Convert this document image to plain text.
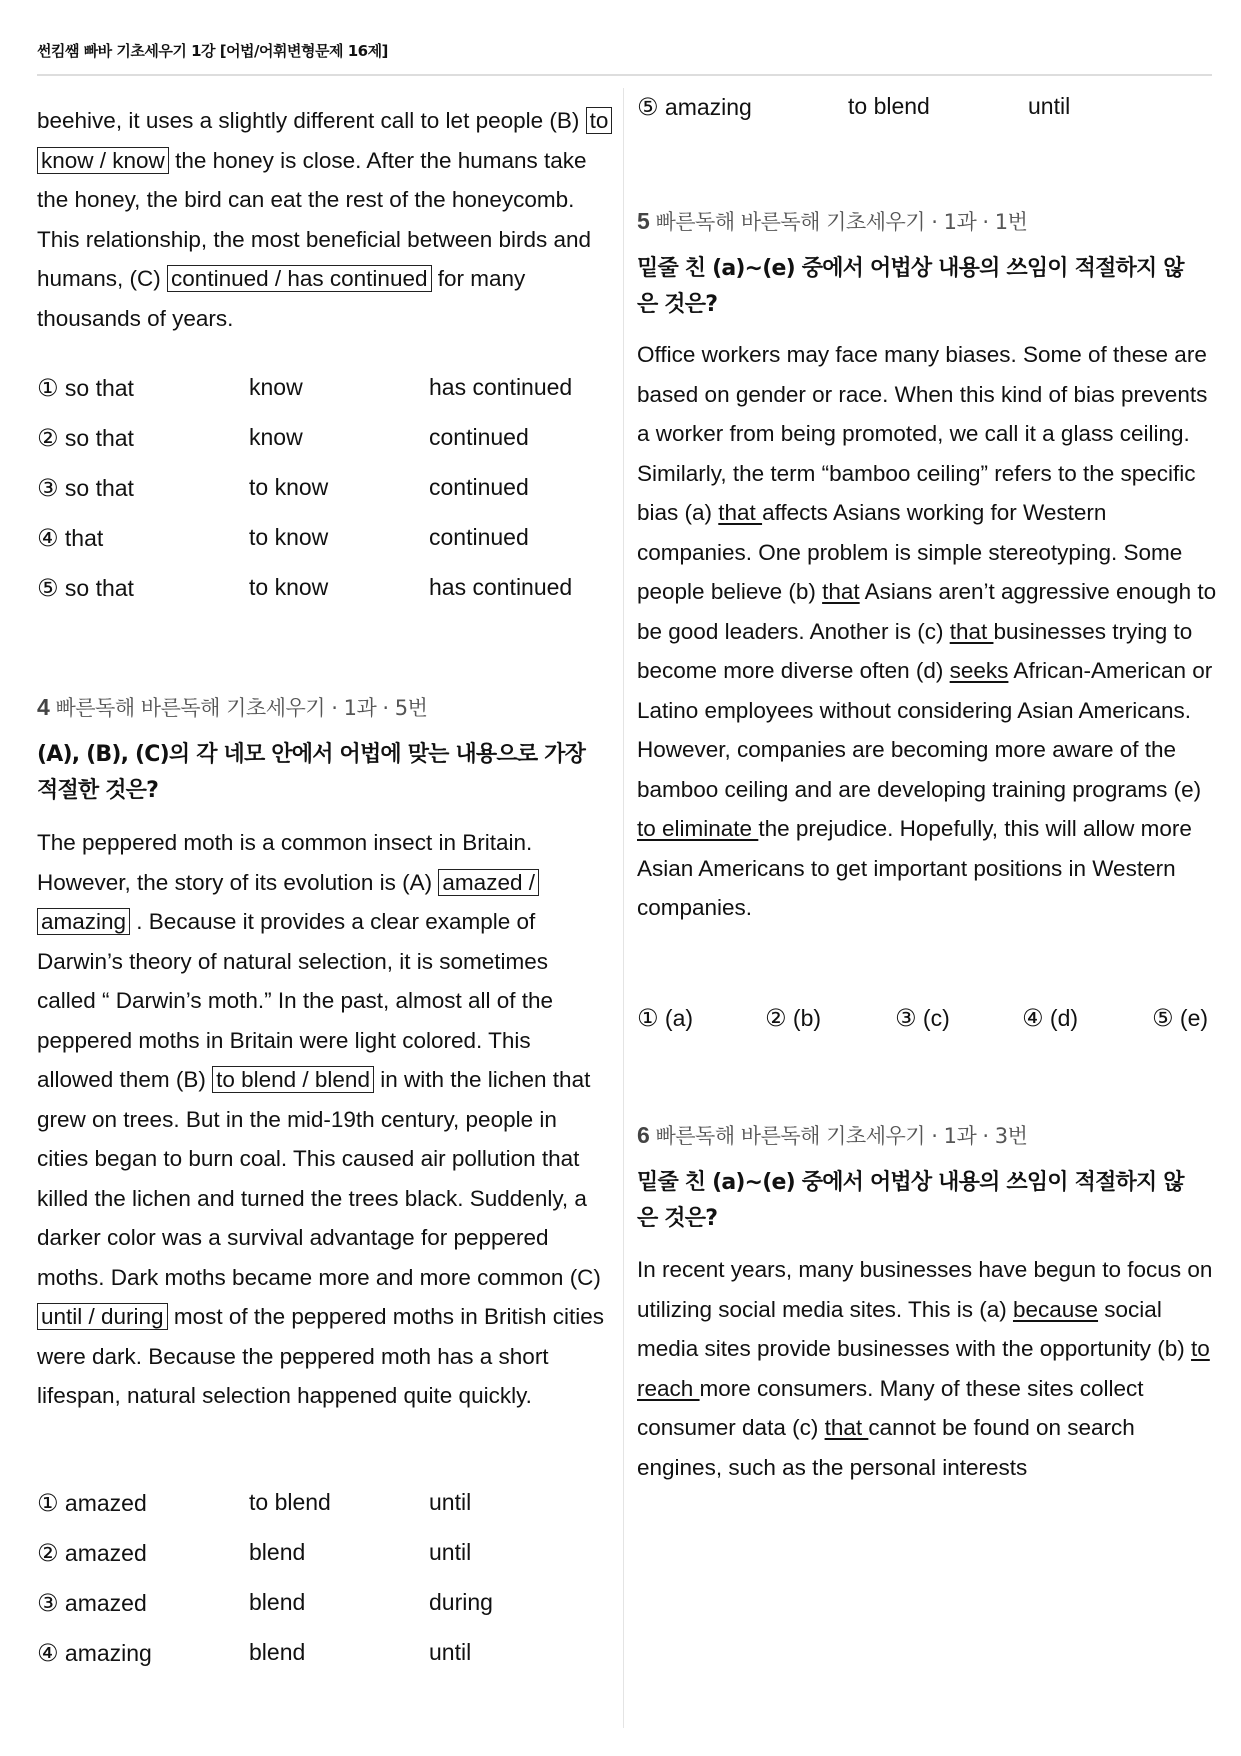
썬킴쌤 빠바 기초세우기 1강 [어법/어휘변형문제 16제]

beehive, it uses a slightly different call to let people (B) to know / know the honey is close. After the humans take the honey, the bird can eat the rest of the honeycomb. This relationship, the most beneficial between birds and humans, (C) continued / has continued for many thousands of years.

4 빠른독해 바른독해 기초세우기 · 1과 · 5번
(A), (B), (C)의 각 네모 안에서 어법에 맞는 내용으로 가장 적절한 것은?

The peppered moth is a common insect in Britain. However, the story of its evolution is (A) amazed / amazing . Because it provides a clear example of Darwin’s theory of natural selection, it is sometimes called “ Darwin’s moth.” In the past, almost all of the peppered moths in Britain were light colored. This allowed them (B) to blend / blend in with the lichen that grew on trees. But in the mid-19th century, people in cities began to burn coal. This caused air pollution that killed the lichen and turned the trees black. Suddenly, a darker color was a survival advantage for peppered moths. Dark moths became more and more common (C) until / during most of the peppered moths in British cities were dark. Because the peppered moth has a short lifespan, natural selection happened quite quickly.

5 빠른독해 바른독해 기초세우기 · 1과 · 1번
밑줄 친 (a)∼(e) 중에서 어법상 내용의 쓰임이 적절하지 않은 것은?

Office workers may face many biases. Some of these are based on gender or race. When this kind of bias prevents a worker from being promoted, we call it a glass ceiling. Similarly, the term “bamboo ceiling” refers to the specific bias (a) that affects Asians working for Western companies. One problem is simple stereotyping. Some people believe (b) that Asians aren’t aggressive enough to be good leaders. Another is (c) that businesses trying to become more diverse often (d) seeks African-American or Latino employees without considering Asian Americans. However, companies are becoming more aware of the bamboo ceiling and are developing training programs (e) to eliminate the prejudice. Hopefully, this will allow more Asian Americans to get important positions in Western companies.

6 빠른독해 바른독해 기초세우기 · 1과 · 3번
밑줄 친 (a)∼(e) 중에서 어법상 내용의 쓰임이 적절하지 않은 것은?

In recent years, many businesses have begun to focus on utilizing social media sites. This is (a) because social media sites provide businesses with the opportunity (b) to reach more consumers. Many of these sites collect consumer data (c) that cannot be found on search engines, such as the personal interests

① so that	know	has continued
② so that	know	continued
③ so that	to know	continued
④ that	to know	continued
⑤ so that	to know	has continued
① amazed	to blend	until
② amazed	blend	until
③ amazed	blend	during
④ amazing	blend	until
⑤ amazing	to blend	until
① (a)	② (b)	③ (c)	④ (d)	⑤ (e)
